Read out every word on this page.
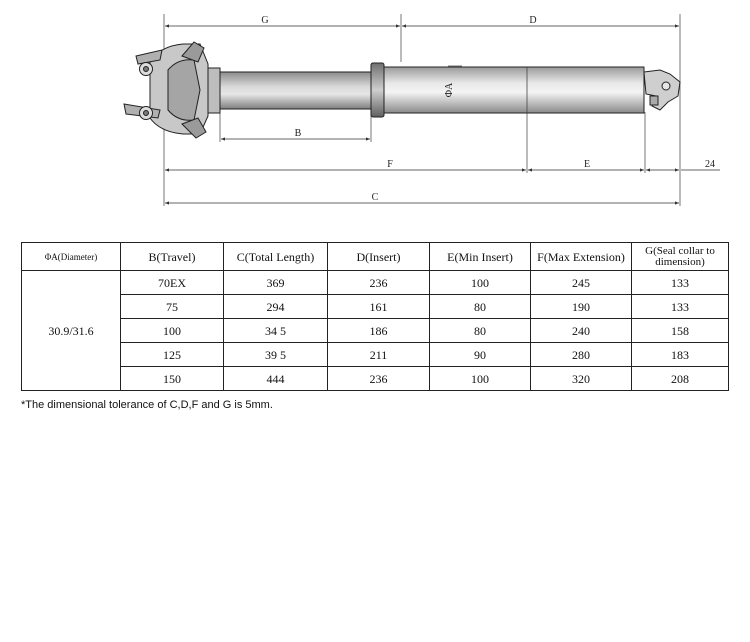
G	D
B
F	E	24
C
ΦA
ΦA(Diameter)	B(Travel)	C(Total Length)	D(Insert)	E(Min Insert)	F(Max Extension)	G(Seal collar to dimension)
30.9/31.6	70EX	369	236	100	245	133
	75	294	161	80	190	133
	100	34 5	186	80	240	158
	125	39 5	211	90	280	183
	150	444	236	100	320	208
*The dimensional tolerance of C,D,F and G is 5mm.
